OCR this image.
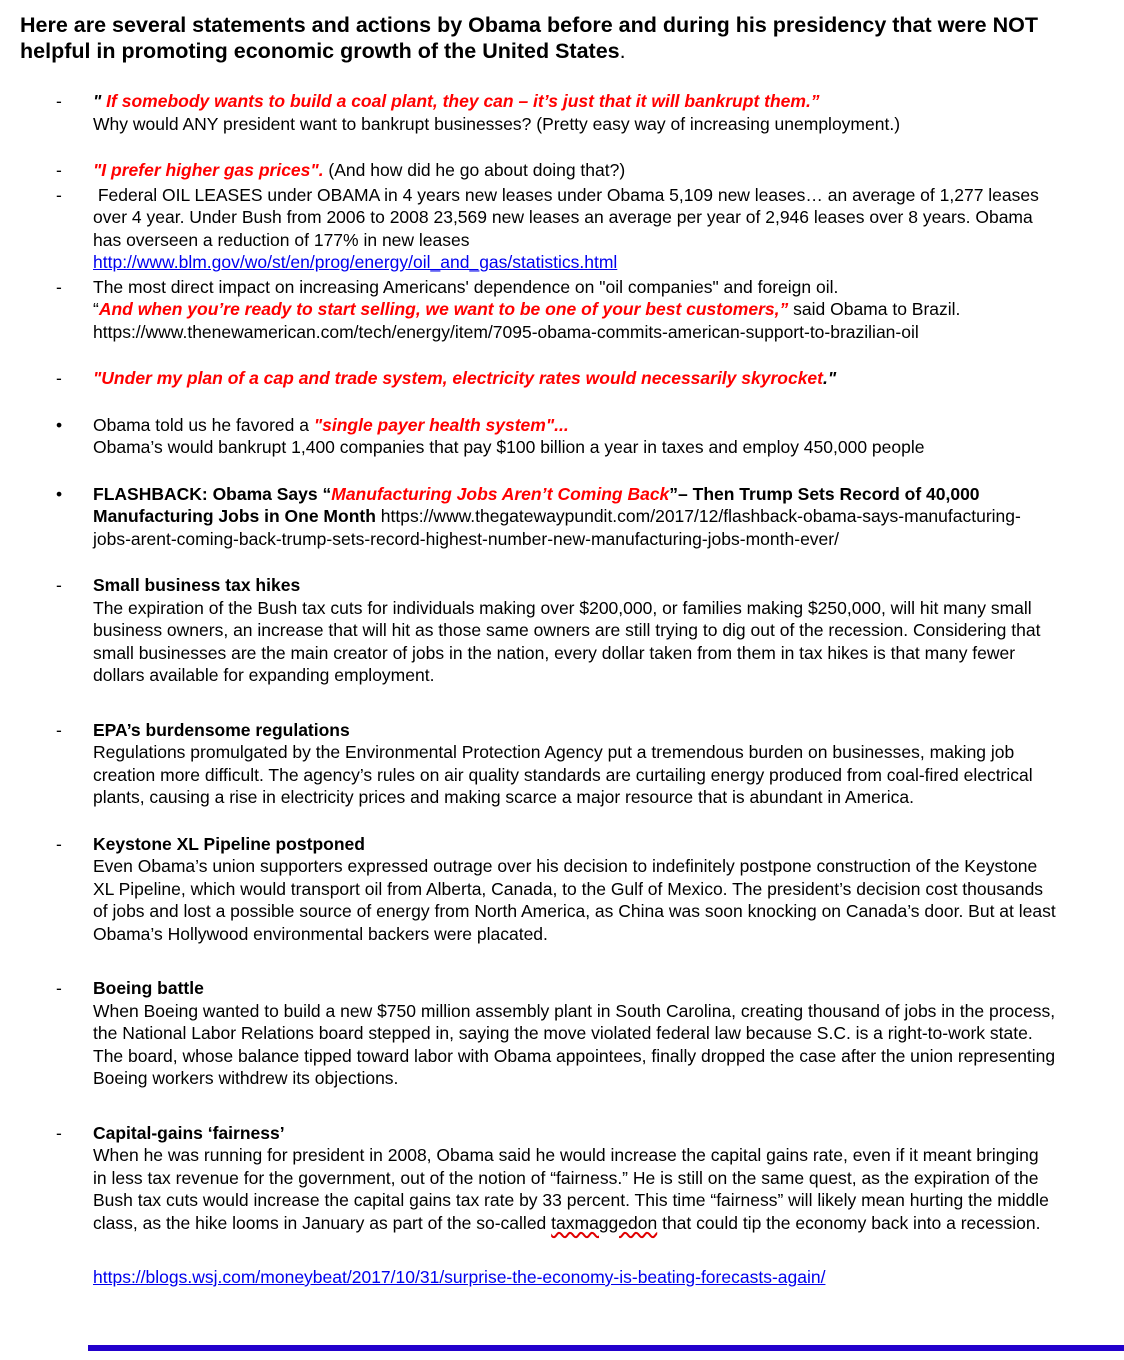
Here are several statements and actions by Obama before and during his presidency that were NOT helpful in promoting economic growth of the United States.
-	" If somebody wants to build a coal plant, they can – it’s just that it will bankrupt them.”
Why would ANY president want to bankrupt businesses? (Pretty easy way of increasing unemployment.)
-	"I prefer higher gas prices". (And how did he go about doing that?)
-	Federal OIL LEASES under OBAMA in 4 years new leases under Obama 5,109 new leases… an average of 1,277 leases over 4 year. Under Bush from 2006 to 2008 23,569 new leases an average per year of 2,946 leases over 8 years. Obama has overseen a reduction of 177% in new leases
http://www.blm.gov/wo/st/en/prog/energy/oil_and_gas/statistics.html
-	The most direct impact on increasing Americans' dependence on "oil companies" and foreign oil.
“And when you’re ready to start selling, we want to be one of your best customers,” said Obama to Brazil.
https://www.thenewamerican.com/tech/energy/item/7095-obama-commits-american-support-to-brazilian-oil
-	"Under my plan of a cap and trade system, electricity rates would necessarily skyrocket."
•	Obama told us he favored a "single payer health system"...
Obama’s would bankrupt 1,400 companies that pay $100 billion a year in taxes and employ 450,000 people
•	FLASHBACK: Obama Says “Manufacturing Jobs Aren’t Coming Back”– Then Trump Sets Record of 40,000 Manufacturing Jobs in One Month https://www.thegatewaypundit.com/2017/12/flashback-obama-says-manufacturing-jobs-arent-coming-back-trump-sets-record-highest-number-new-manufacturing-jobs-month-ever/
-	Small business tax hikes
The expiration of the Bush tax cuts for individuals making over $200,000, or families making $250,000, will hit many small business owners, an increase that will hit as those same owners are still trying to dig out of the recession. Considering that small businesses are the main creator of jobs in the nation, every dollar taken from them in tax hikes is that many fewer dollars available for expanding employment.
-	EPA’s burdensome regulations
Regulations promulgated by the Environmental Protection Agency put a tremendous burden on businesses, making job creation more difficult. The agency’s rules on air quality standards are curtailing energy produced from coal-fired electrical plants, causing a rise in electricity prices and making scarce a major resource that is abundant in America.
-	Keystone XL Pipeline postponed
Even Obama’s union supporters expressed outrage over his decision to indefinitely postpone construction of the Keystone XL Pipeline, which would transport oil from Alberta, Canada, to the Gulf of Mexico. The president’s decision cost thousands of jobs and lost a possible source of energy from North America, as China was soon knocking on Canada’s door. But at least Obama’s Hollywood environmental backers were placated.
-	Boeing battle
When Boeing wanted to build a new $750 million assembly plant in South Carolina, creating thousand of jobs in the process, the National Labor Relations board stepped in, saying the move violated federal law because S.C. is a right-to-work state. The board, whose balance tipped toward labor with Obama appointees, finally dropped the case after the union representing Boeing workers withdrew its objections.
-	Capital-gains ‘fairness’
When he was running for president in 2008, Obama said he would increase the capital gains rate, even if it meant bringing in less tax revenue for the government, out of the notion of “fairness.” He is still on the same quest, as the expiration of the Bush tax cuts would increase the capital gains tax rate by 33 percent. This time “fairness” will likely mean hurting the middle class, as the hike looms in January as part of the so-called taxmaggedon that could tip the economy back into a recession.
https://blogs.wsj.com/moneybeat/2017/10/31/surprise-the-economy-is-beating-forecasts-again/
